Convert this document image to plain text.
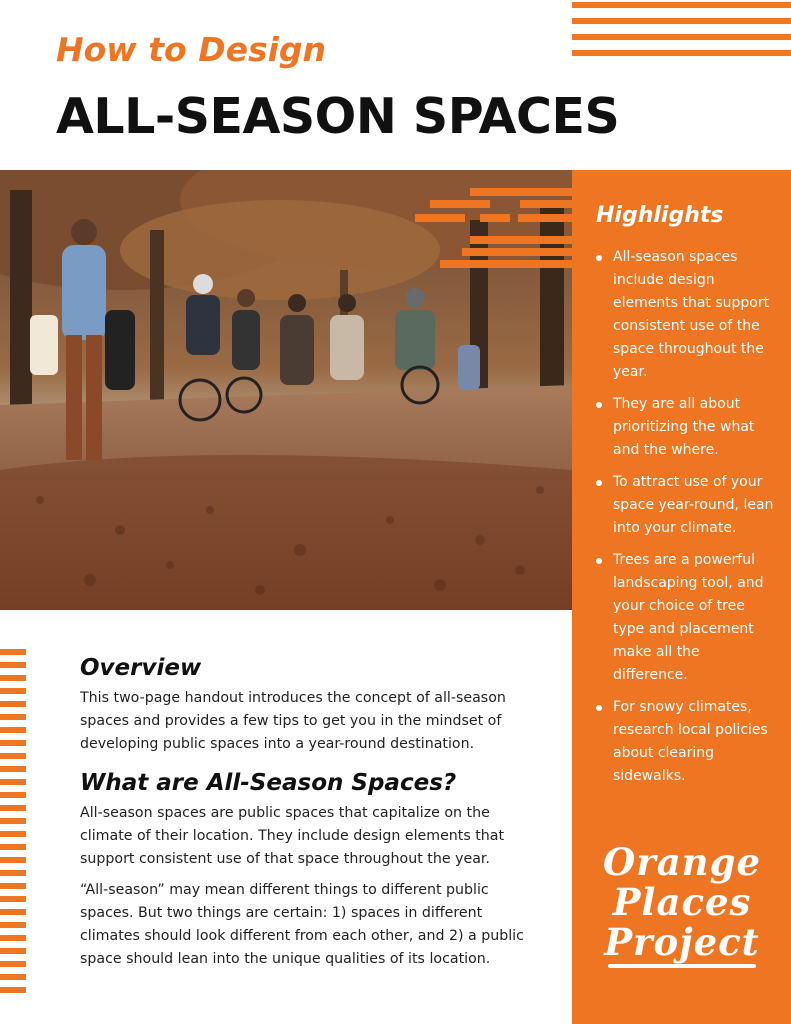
How to Design
ALL-SEASON SPACES
Highlights
All-season spaces include design elements that support consistent use of the space throughout the year.
They are all about prioritizing the what and the where.
To attract use of your space year-round, lean into your climate.
Trees are a powerful landscaping tool, and your choice of tree type and placement make all the difference.
For snowy climates, research local policies about clearing sidewalks.
Orange
Places
Project
Overview

This two-page handout introduces the concept of all-season spaces and provides a few tips to get you in the mindset of developing public spaces into a year-round destination.

What are All-Season Spaces?

All-season spaces are public spaces that capitalize on the climate of their location. They include design elements that support consistent use of that space throughout the year.

“All-season” may mean different things to different public spaces. But two things are certain: 1) spaces in different climates should look different from each other, and 2) a public space should lean into the unique qualities of its location.
